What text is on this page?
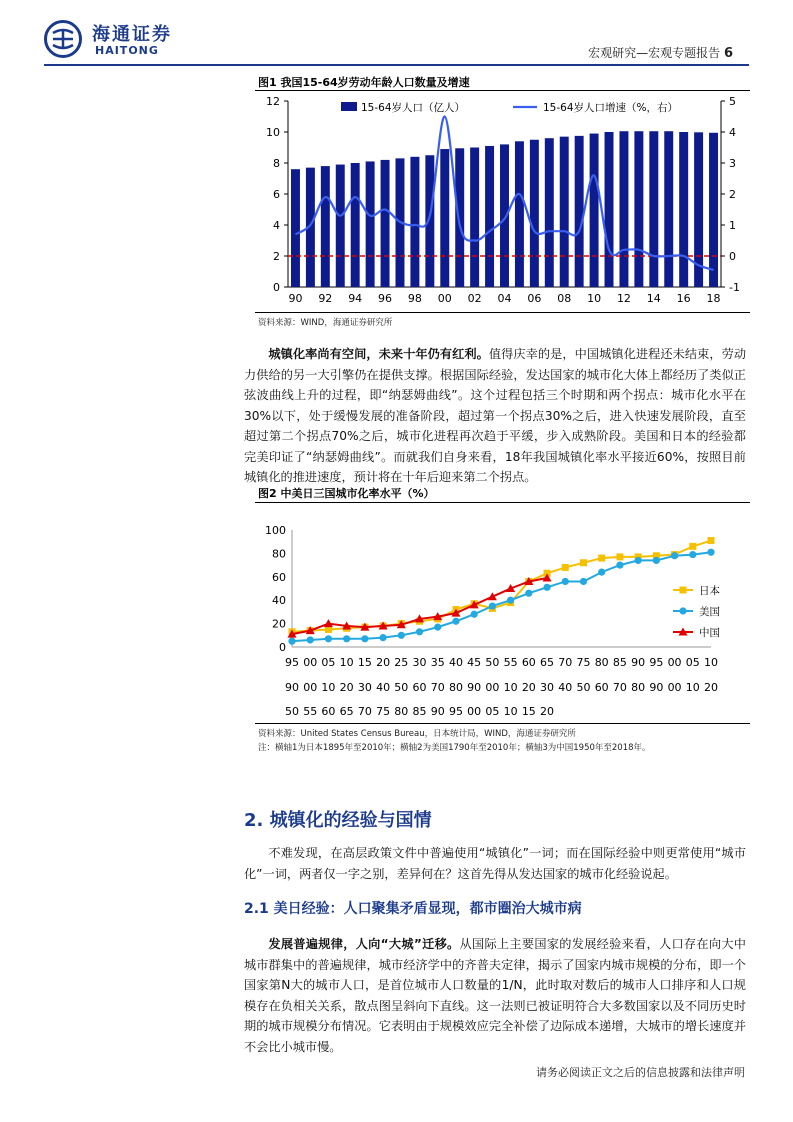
海通证券
HAITONG	宏观研究—宏观专题报告 6
图1 我国15-64岁劳动年龄人口数量及增速
0
2
4
6
8
10
12
-1
0
1
2
3
4
5
90 92 94 96 98 00 02 04 06 08 10 12 14 16 18
15-64岁人口（亿人）	15-64岁人口增速（%，右）
资料来源：WIND，海通证券研究所
城镇化率尚有空间，未来十年仍有红利。值得庆幸的是，中国城镇化进程还未结束，劳动力供给的另一大引擎仍在提供支撑。根据国际经验，发达国家的城市化大体上都经历了类似正弦波曲线上升的过程，即“纳瑟姆曲线”。这个过程包括三个时期和两个拐点：城市化水平在30%以下，处于缓慢发展的准备阶段，超过第一个拐点30%之后，进入快速发展阶段，直至超过第二个拐点70%之后，城市化进程再次趋于平缓，步入成熟阶段。美国和日本的经验都完美印证了“纳瑟姆曲线”。而就我们自身来看，18年我国城镇化率水平接近60%，按照目前城镇化的推进速度，预计将在十年后迎来第二个拐点。
图2 中美日三国城市化率水平（%）
0
20
40
60
80
100
95 00 05 10 15 20 25 30 35 40 45 50 55 60 65 70 75 80 85 90 95 00 05 10
90 00 10 20 30 40 50 60 70 80 90 00 10 20 30 40 50 60 70 80 90 00 10 20
50 55 60 65 70 75 80 85 90 95 00 05 10 15 20
日本
美国
中国
资料来源：United States Census Bureau，日本统计局，WIND，海通证券研究所
注：横轴1为日本1895年至2010年；横轴2为美国1790年至2010年；横轴3为中国1950年至2018年。
2. 城镇化的经验与国情
不难发现，在高层政策文件中普遍使用“城镇化”一词；而在国际经验中则更常使用“城市化”一词，两者仅一字之别，差异何在？这首先得从发达国家的城市化经验说起。
2.1 美日经验：人口聚集矛盾显现，都市圈治大城市病
发展普遍规律，人向“大城”迁移。从国际上主要国家的发展经验来看，人口存在向大中城市群集中的普遍规律，城市经济学中的齐普夫定律，揭示了国家内城市规模的分布，即一个国家第N大的城市人口，是首位城市人口数量的1/N，此时取对数后的城市人口排序和人口规模存在负相关关系，散点图呈斜向下直线。这一法则已被证明符合大多数国家以及不同历史时期的城市规模分布情况。它表明由于规模效应完全补偿了边际成本递增，大城市的增长速度并不会比小城市慢。
请务必阅读正文之后的信息披露和法律声明
